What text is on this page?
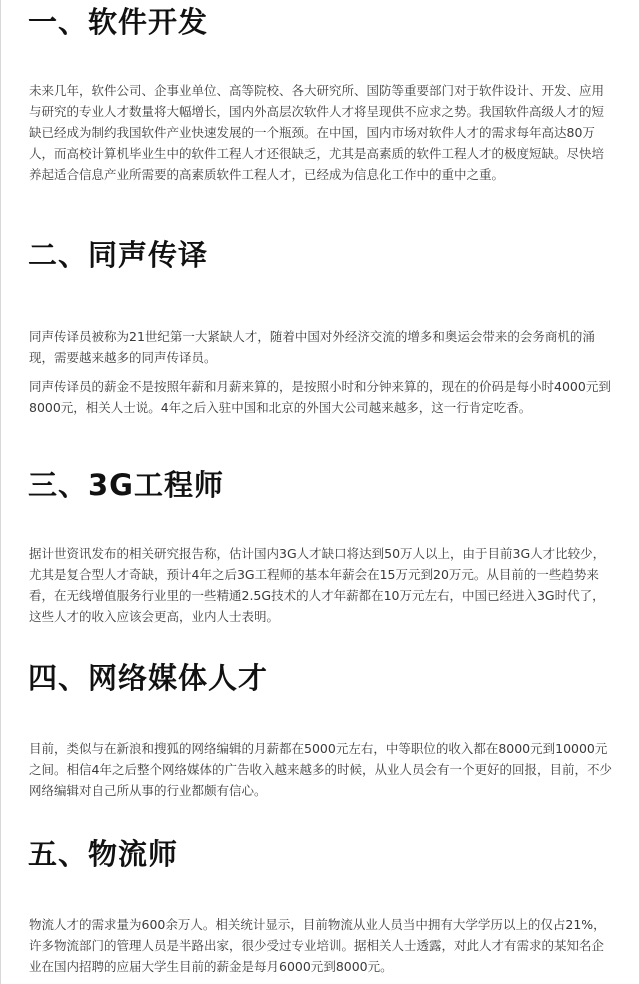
一、软件开发

未来几年，软件公司、企事业单位、高等院校、各大研究所、国防等重要部门对于软件设计、开发、应用与研究的专业人才数量将大幅增长，国内外高层次软件人才将呈现供不应求之势。我国软件高级人才的短缺已经成为制约我国软件产业快速发展的一个瓶颈。在中国，国内市场对软件人才的需求每年高达80万人，而高校计算机毕业生中的软件工程人才还很缺乏，尤其是高素质的软件工程人才的极度短缺。尽快培养起适合信息产业所需要的高素质软件工程人才，已经成为信息化工作中的重中之重。

二、同声传译

同声传译员被称为21世纪第一大紧缺人才，随着中国对外经济交流的增多和奥运会带来的会务商机的涌现，需要越来越多的同声传译员。

同声传译员的薪金不是按照年薪和月薪来算的，是按照小时和分钟来算的，现在的价码是每小时4000元到8000元，相关人士说。4年之后入驻中国和北京的外国大公司越来越多，这一行肯定吃香。

三、3G工程师

据计世资讯发布的相关研究报告称，估计国内3G人才缺口将达到50万人以上，由于目前3G人才比较少，尤其是复合型人才奇缺，预计4年之后3G工程师的基本年薪会在15万元到20万元。从目前的一些趋势来看，在无线增值服务行业里的一些精通2.5G技术的人才年薪都在10万元左右，中国已经进入3G时代了，这些人才的收入应该会更高，业内人士表明。

四、网络媒体人才

目前，类似与在新浪和搜狐的网络编辑的月薪都在5000元左右，中等职位的收入都在8000元到10000元之间。相信4年之后整个网络媒体的广告收入越来越多的时候，从业人员会有一个更好的回报，目前，不少网络编辑对自己所从事的行业都颇有信心。

五、物流师

物流人才的需求量为600余万人。相关统计显示，目前物流从业人员当中拥有大学学历以上的仅占21%，许多物流部门的管理人员是半路出家，很少受过专业培训。据相关人士透露，对此人才有需求的某知名企业在国内招聘的应届大学生目前的薪金是每月6000元到8000元。
